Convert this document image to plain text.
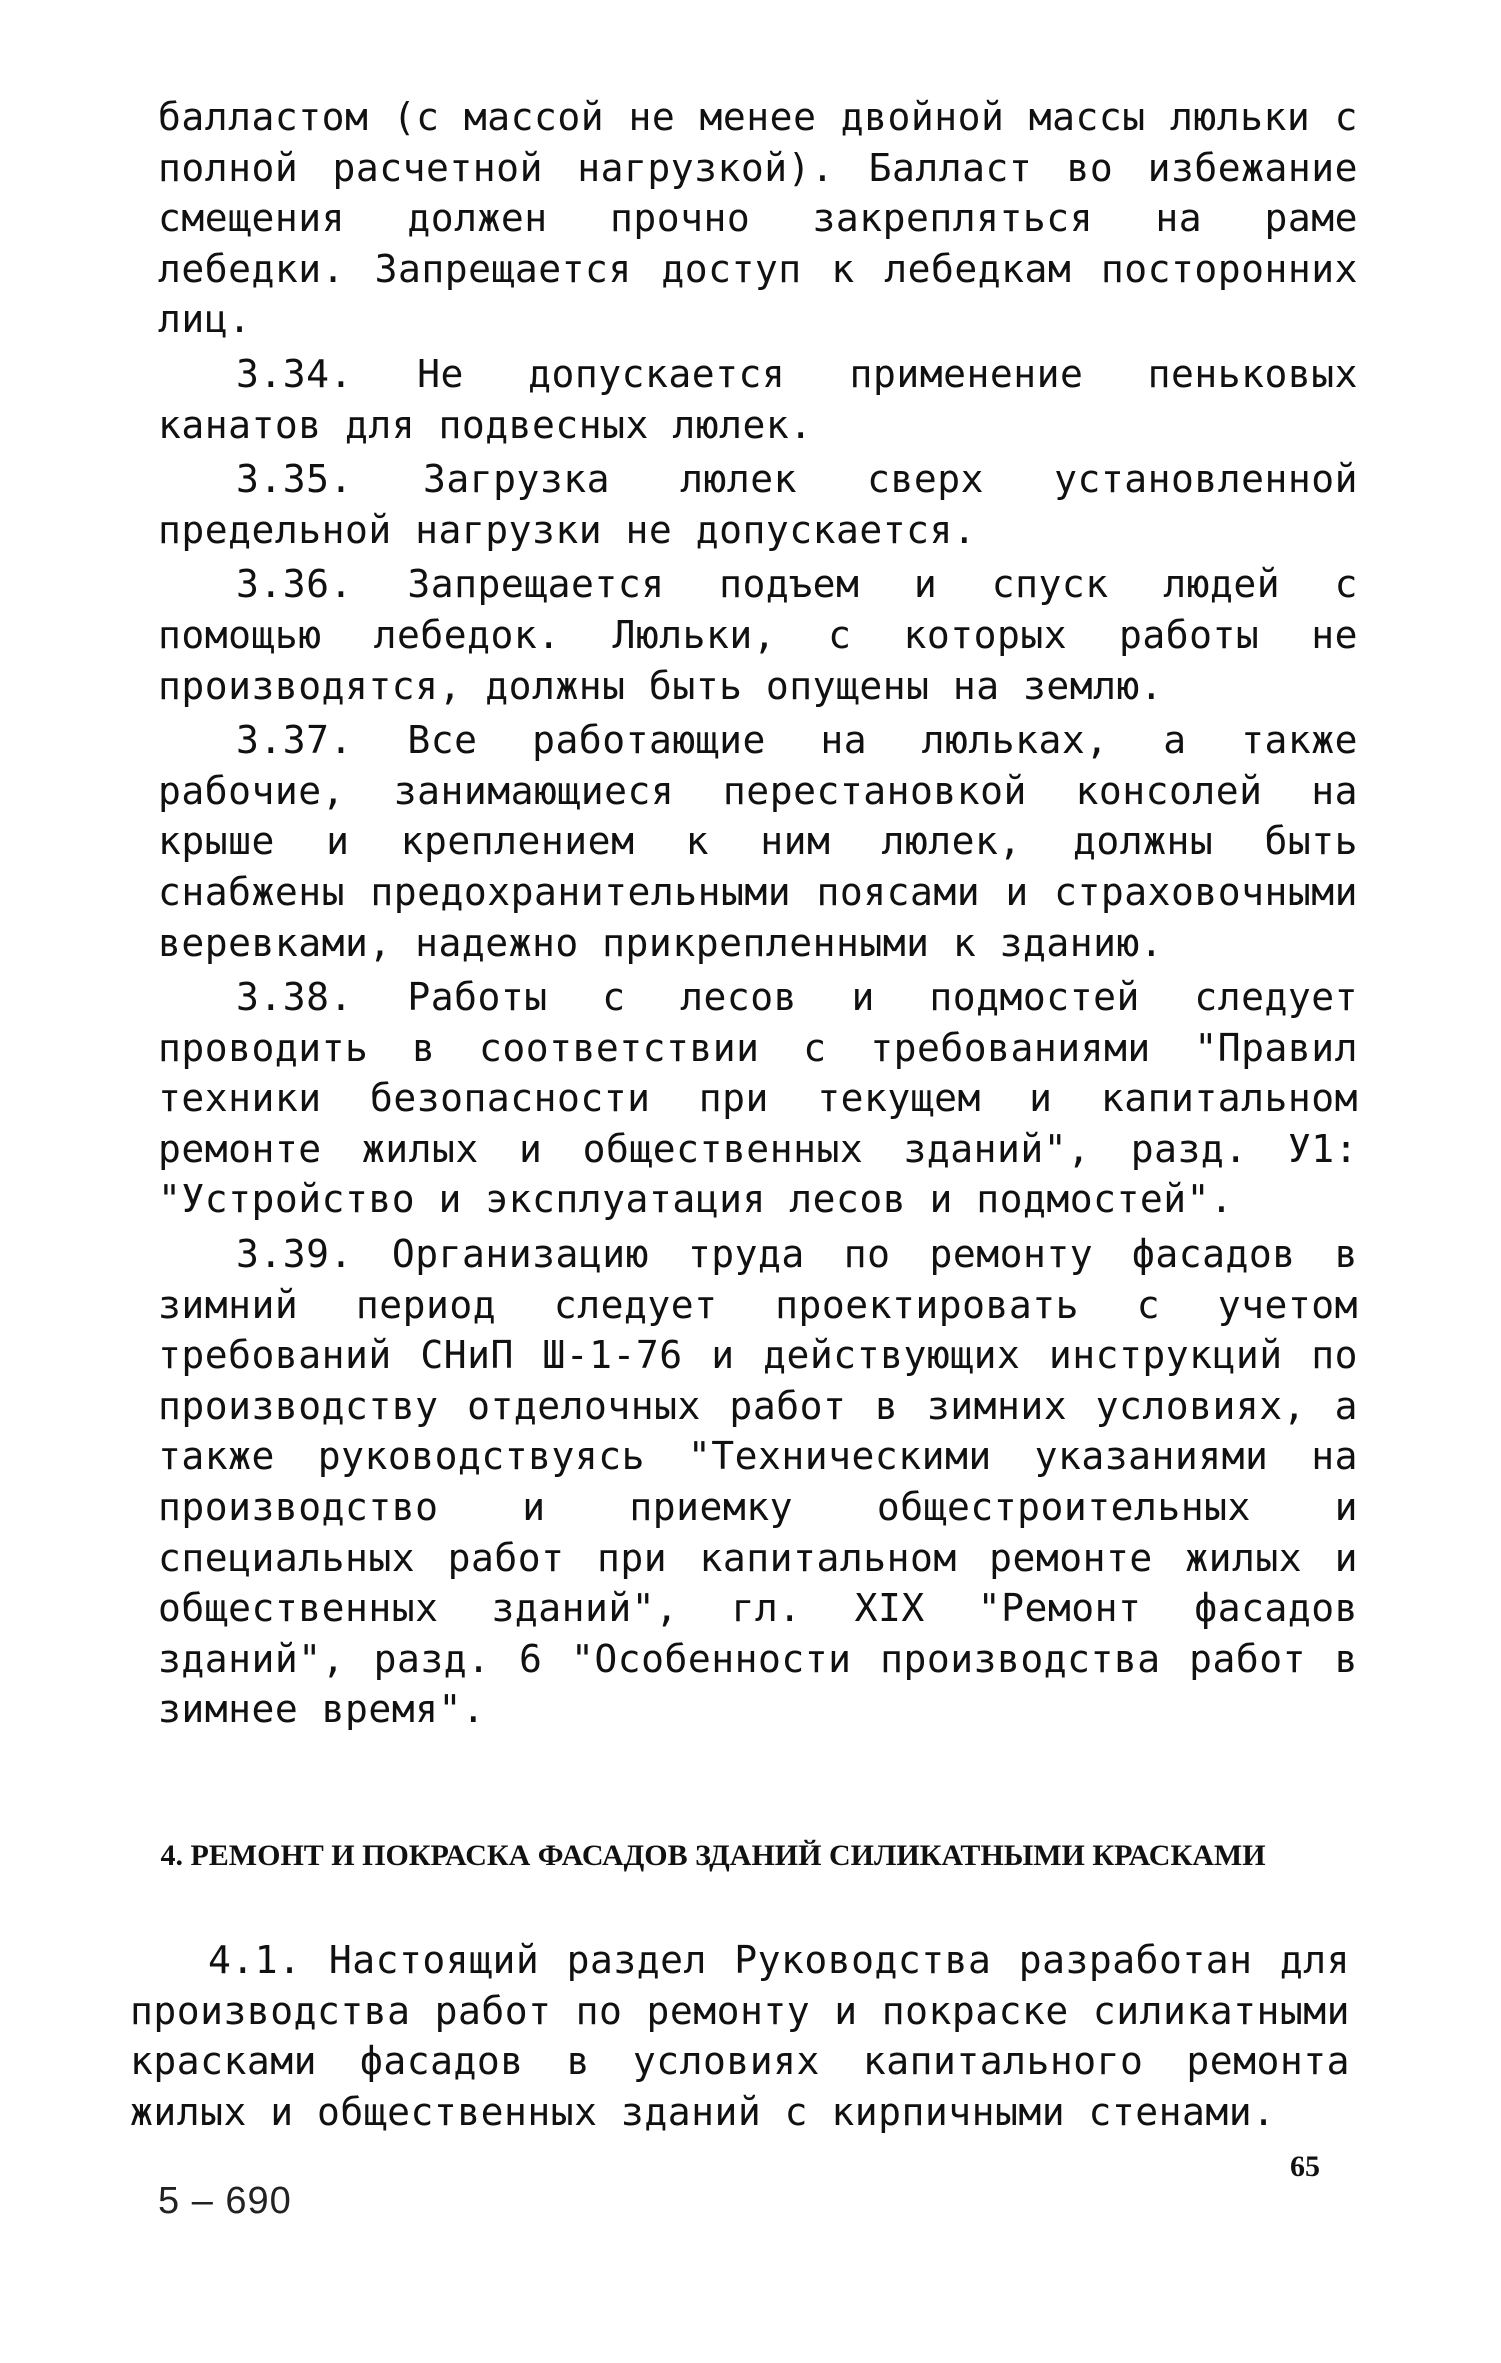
балластом (с массой не менее двойной массы люльки с полной расчетной нагрузкой). Балласт во избежание смещения должен прочно закрепляться на раме лебедки. Запрещается доступ к лебедкам посторонних лиц.

3.34. Не допускается применение пеньковых канатов для подвесных люлек.

3.35. Загрузка люлек сверх установленной предельной нагрузки не допускается.

3.36. Запрещается подъем и спуск людей с помощью лебедок. Люльки, с которых работы не производятся, должны быть опущены на землю.

3.37. Все работающие на люльках, а также рабочие, занимающиеся перестановкой консолей на крыше и креплением к ним люлек, должны быть снабжены предохранительными поясами и страховочными веревками, надежно прикрепленными к зданию.

3.38. Работы с лесов и подмостей следует проводить в соответствии с требованиями "Правил техники безопасности при текущем и капитальном ремонте жилых и общественных зданий", разд. У1: "Устройство и эксплуатация лесов и подмостей".

3.39. Организацию труда по ремонту фасадов в зимний период следует проектировать с учетом требований СНиП Ш-1-76 и действующих инструкций по производству отделочных работ в зимних условиях, а также руководствуясь "Техническими указаниями на производство и приемку общестроительных и специальных работ при капитальном ремонте жилых и общественных зданий", гл. XIX "Ремонт фасадов зданий", разд. 6 "Особенности производства работ в зимнее время".

4. РЕМОНТ И ПОКРАСКА ФАСАДОВ ЗДАНИЙ СИЛИКАТНЫМИ КРАСКАМИ

4.1. Настоящий раздел Руководства разработан для производства работ по ремонту и покраске силикатными красками фасадов в условиях капитального ремонта жилых и общественных зданий с кирпичными стенами.

65
5 – 690
